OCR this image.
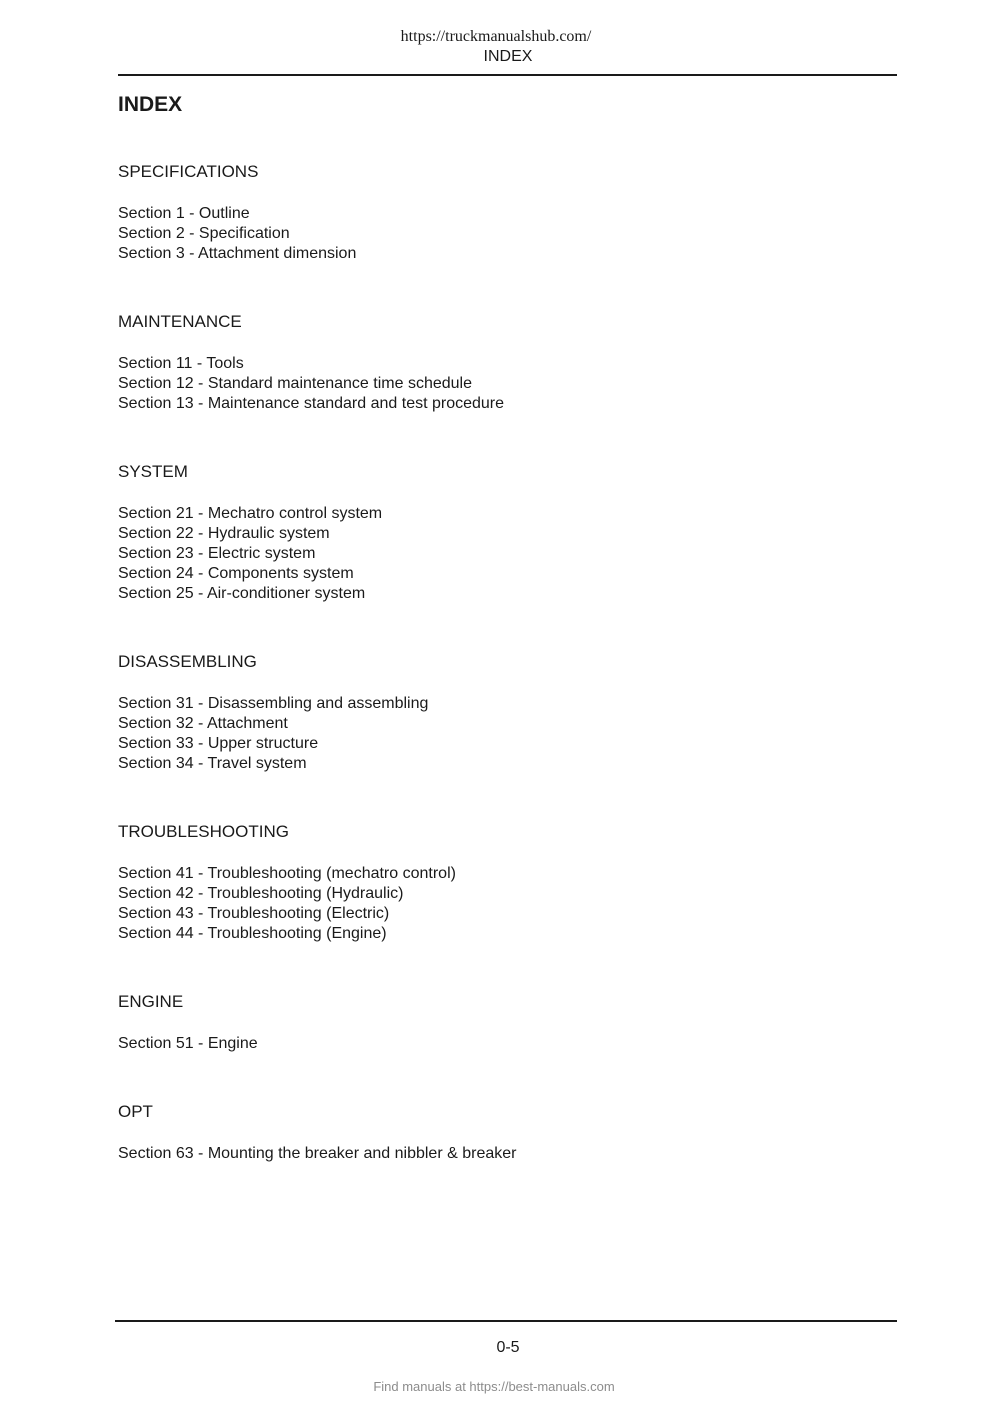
https://truckmanualshub.com/
INDEX
INDEX
SPECIFICATIONS
Section 1 - Outline
Section 2 - Specification
Section 3 - Attachment dimension
MAINTENANCE
Section 11 - Tools
Section 12 - Standard maintenance time schedule
Section 13 - Maintenance standard and test procedure
SYSTEM
Section 21 - Mechatro control system
Section 22 - Hydraulic system
Section 23 - Electric system
Section 24 - Components system
Section 25 - Air-conditioner system
DISASSEMBLING
Section 31 - Disassembling and assembling
Section 32 - Attachment
Section 33 - Upper structure
Section 34 - Travel system
TROUBLESHOOTING
Section 41 - Troubleshooting (mechatro control)
Section 42 - Troubleshooting (Hydraulic)
Section 43 - Troubleshooting (Electric)
Section 44 - Troubleshooting (Engine)
ENGINE
Section 51 - Engine
OPT
Section 63 - Mounting the breaker and nibbler & breaker
0-5
Find manuals at https://best-manuals.com
